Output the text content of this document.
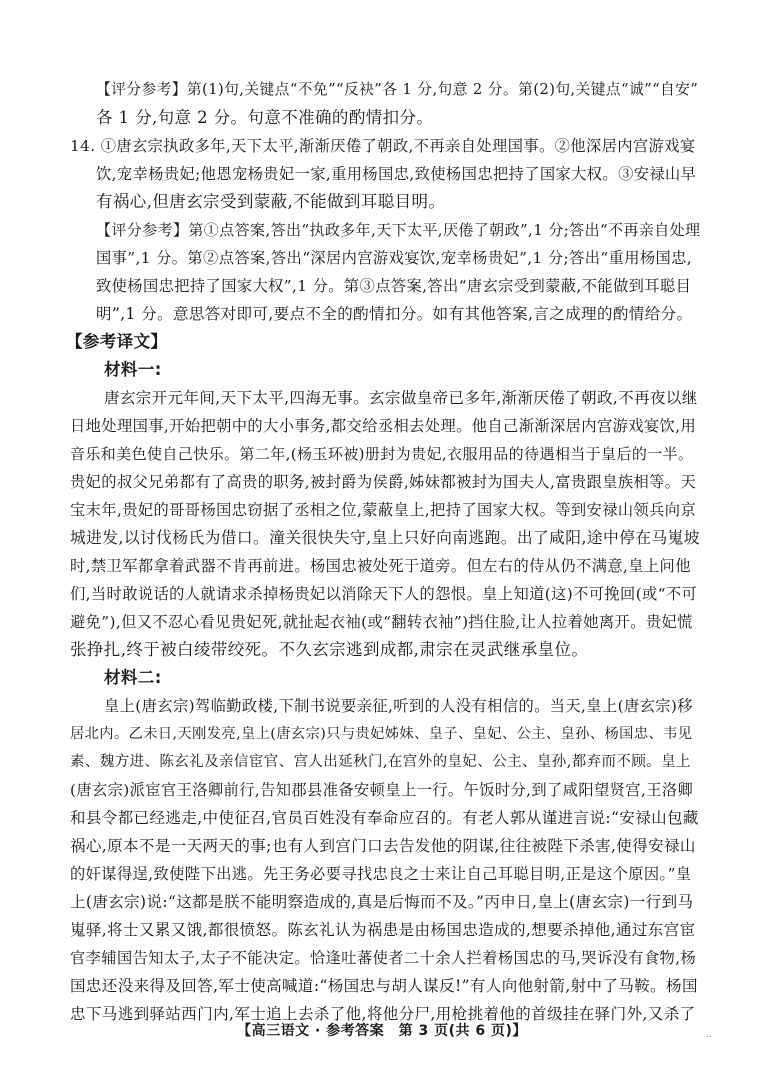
【评分参考】第(1)句,关键点“不免”“反袂”各 1 分,句意 2 分。第(2)句,关键点“诚”“自安”
各 1 分,句意 2 分。句意不准确的酌情扣分。
14. ①唐玄宗执政多年,天下太平,渐渐厌倦了朝政,不再亲自处理国事。②他深居内宫游戏宴
饮,宠幸杨贵妃;他恩宠杨贵妃一家,重用杨国忠,致使杨国忠把持了国家大权。③安禄山早
有祸心,但唐玄宗受到蒙蔽,不能做到耳聪目明。
【评分参考】第①点答案,答出“执政多年,天下太平,厌倦了朝政”,1 分;答出“不再亲自处理
国事”,1 分。第②点答案,答出“深居内宫游戏宴饮,宠幸杨贵妃”,1 分;答出“重用杨国忠,
致使杨国忠把持了国家大权”,1 分。第③点答案,答出“唐玄宗受到蒙蔽,不能做到耳聪目
明”,1 分。意思答对即可,要点不全的酌情扣分。如有其他答案,言之成理的酌情给分。
【参考译文】
材料一:
唐玄宗开元年间,天下太平,四海无事。玄宗做皇帝已多年,渐渐厌倦了朝政,不再夜以继
日地处理国事,开始把朝中的大小事务,都交给丞相去处理。他自己渐渐深居内宫游戏宴饮,用
音乐和美色使自己快乐。第二年,(杨玉环被)册封为贵妃,衣服用品的待遇相当于皇后的一半。
贵妃的叔父兄弟都有了高贵的职务,被封爵为侯爵,姊妹都被封为国夫人,富贵跟皇族相等。天
宝末年,贵妃的哥哥杨国忠窃据了丞相之位,蒙蔽皇上,把持了国家大权。等到安禄山领兵向京
城进发,以讨伐杨氏为借口。潼关很快失守,皇上只好向南逃跑。出了咸阳,途中停在马嵬坡
时,禁卫军都拿着武器不肯再前进。杨国忠被处死于道旁。但左右的侍从仍不满意,皇上问他
们,当时敢说话的人就请求杀掉杨贵妃以消除天下人的怨恨。皇上知道(这)不可挽回(或“不可
避免”),但又不忍心看见贵妃死,就扯起衣袖(或“翻转衣袖”)挡住脸,让人拉着她离开。贵妃慌
张挣扎,终于被白绫带绞死。不久玄宗逃到成都,肃宗在灵武继承皇位。
材料二:
皇上(唐玄宗)驾临勤政楼,下制书说要亲征,听到的人没有相信的。当天,皇上(唐玄宗)移
居北内。乙未日,天刚发亮,皇上(唐玄宗)只与贵妃姊妹、皇子、皇妃、公主、皇孙、杨国忠、韦见
素、魏方进、陈玄礼及亲信宦官、宫人出延秋门,在宫外的皇妃、公主、皇孙,都弃而不顾。皇上
(唐玄宗)派宦官王洛卿前行,告知郡县准备安顿皇上一行。午饭时分,到了咸阳望贤宫,王洛卿
和县令都已经逃走,中使征召,官员百姓没有奉命应召的。有老人郭从谨进言说:“安禄山包藏
祸心,原本不是一天两天的事;也有人到宫门口去告发他的阴谋,往往被陛下杀害,使得安禄山
的奸谋得逞,致使陛下出逃。先王务必要寻找忠良之士来让自己耳聪目明,正是这个原因。”皇
上(唐玄宗)说:“这都是朕不能明察造成的,真是后悔而不及。”丙申日,皇上(唐玄宗)一行到马
嵬驿,将士又累又饿,都很愤怒。陈玄礼认为祸患是由杨国忠造成的,想要杀掉他,通过东宫宦
官李辅国告知太子,太子不能决定。恰逢吐蕃使者二十余人拦着杨国忠的马,哭诉没有食物,杨
国忠还没来得及回答,军士使高喊道:“杨国忠与胡人谋反!”有人向他射箭,射中了马鞍。杨国
忠下马逃到驿站西门内,军士追上去杀了他,将他分尸,用枪挑着他的首级挂在驿门外,又杀了
【高三语文 · 参考答案　第 3 页(共 6 页)】	..
